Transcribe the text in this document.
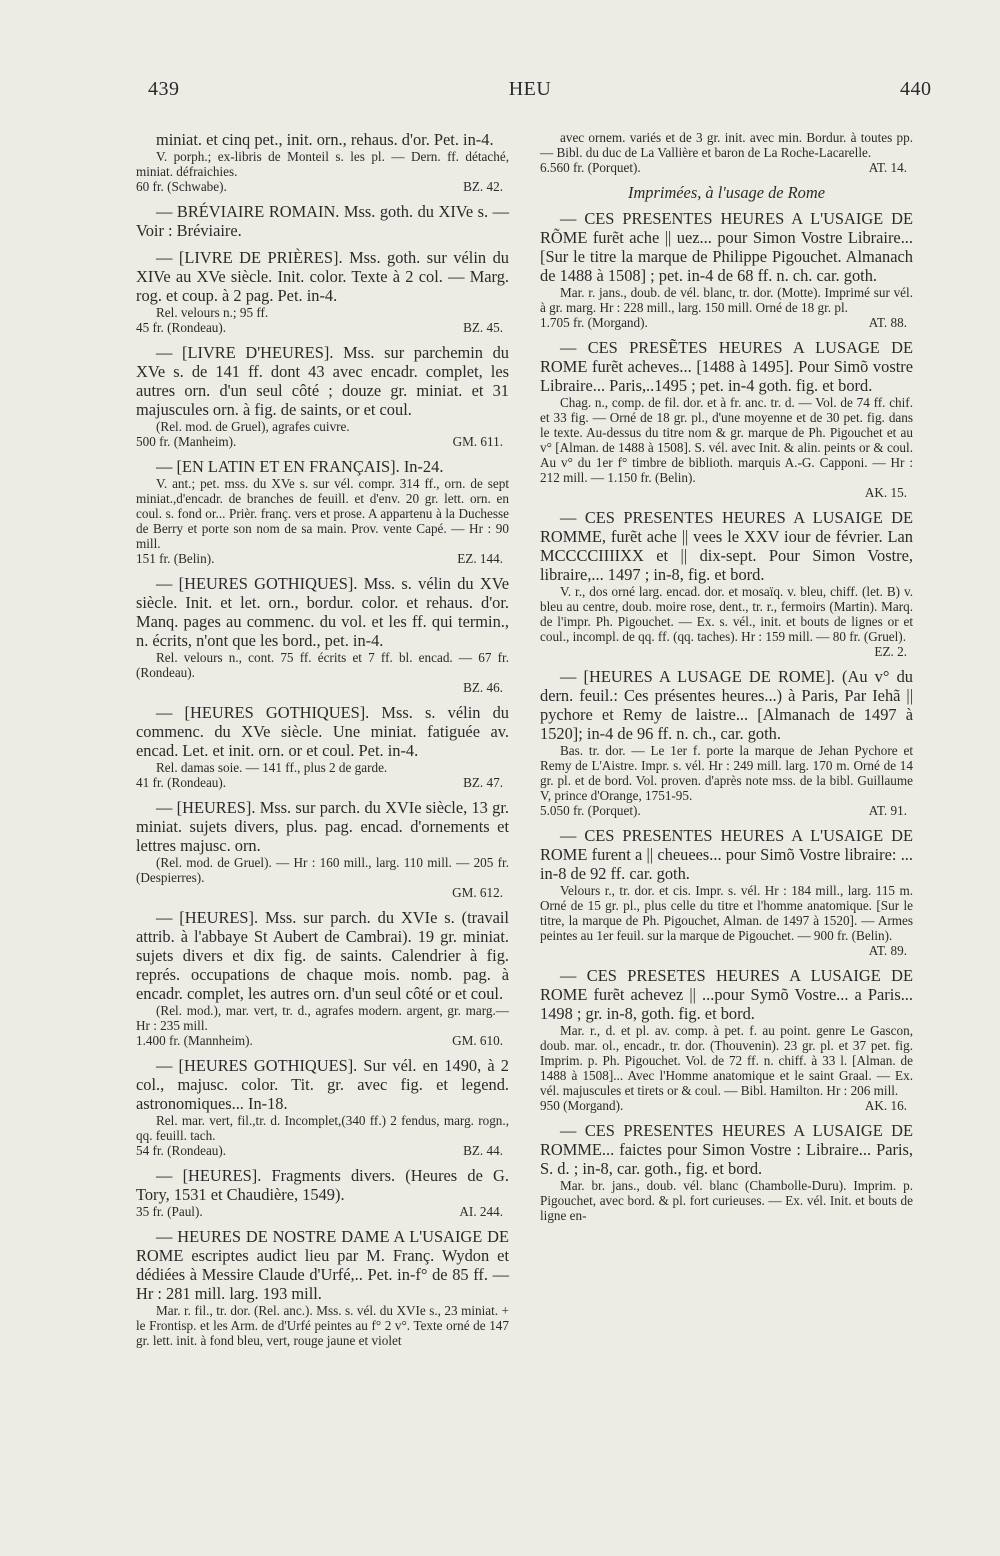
439	HEU	440
miniat. et cinq pet., init. orn., rehaus. d'or. Pet. in-4.
V. porph.; ex-libris de Monteil s. les pl. — Dern. ff. détaché, miniat. défraichies.
60 fr. (Schwabe).	BZ. 42.
— BRÉVIAIRE ROMAIN. Mss. goth. du XIVe s. — Voir : Bréviaire.
— [LIVRE DE PRIÈRES]. Mss. goth. sur vélin du XIVe au XVe siècle. Init. color. Texte à 2 col. — Marg. rog. et coup. à 2 pag. Pet. in-4.
Rel. velours n.; 95 ff.
45 fr. (Rondeau).	BZ. 45.
— [LIVRE D'HEURES]. Mss. sur parchemin du XVe s. de 141 ff. dont 43 avec encadr. complet, les autres orn. d'un seul côté ; douze gr. miniat. et 31 majuscules orn. à fig. de saints, or et coul.
(Rel. mod. de Gruel), agrafes cuivre.
500 fr. (Manheim).	GM. 611.
— [EN LATIN ET EN FRANÇAIS]. In-24.
V. ant.; pet. mss. du XVe s. sur vél. compr. 314 ff., orn. de sept miniat.,d'encadr. de branches de feuill. et d'env. 20 gr. lett. orn. en coul. s. fond or... Prièr. franç. vers et prose. A appartenu à la Duchesse de Berry et porte son nom de sa main. Prov. vente Capé. — Hr : 90 mill.
151 fr. (Belin).	EZ. 144.
— [HEURES GOTHIQUES]. Mss. s. vélin du XVe siècle. Init. et let. orn., bordur. color. et rehaus. d'or. Manq. pages au commenc. du vol. et les ff. qui termin., n. écrits, n'ont que les bord., pet. in-4.
Rel. velours n., cont. 75 ff. écrits et 7 ff. bl. encad. — 67 fr. (Rondeau).
BZ. 46.
— [HEURES GOTHIQUES]. Mss. s. vélin du commenc. du XVe siècle. Une miniat. fatiguée av. encad. Let. et init. orn. or et coul. Pet. in-4.
Rel. damas soie. — 141 ff., plus 2 de garde.
41 fr. (Rondeau).	BZ. 47.
— [HEURES]. Mss. sur parch. du XVIe siècle, 13 gr. miniat. sujets divers, plus. pag. encad. d'ornements et lettres majusc. orn.
(Rel. mod. de Gruel). — Hr : 160 mill., larg. 110 mill. — 205 fr. (Despierres).
GM. 612.
— [HEURES]. Mss. sur parch. du XVIe s. (travail attrib. à l'abbaye St Aubert de Cambrai). 19 gr. miniat. sujets divers et dix fig. de saints. Calendrier à fig. représ. occupations de chaque mois. nomb. pag. à encadr. complet, les autres orn. d'un seul côté or et coul.
(Rel. mod.), mar. vert, tr. d., agrafes modern. argent, gr. marg.— Hr : 235 mill.
1.400 fr. (Mannheim).	GM. 610.
— [HEURES GOTHIQUES]. Sur vél. en 1490, à 2 col., majusc. color. Tit. gr. avec fig. et legend. astronomiques... In-18.
Rel. mar. vert, fil.,tr. d. Incomplet,(340 ff.) 2 fendus, marg. rogn., qq. feuill. tach.
54 fr. (Rondeau).	BZ. 44.
— [HEURES]. Fragments divers. (Heures de G. Tory, 1531 et Chaudière, 1549).
35 fr. (Paul).	AI. 244.
— HEURES DE NOSTRE DAME A L'USAIGE DE ROME escriptes audict lieu par M. Franç. Wydon et dédiées à Messire Claude d'Urfé,.. Pet. in-f° de 85 ff. — Hr : 281 mill. larg. 193 mill.
Mar. r. fil., tr. dor. (Rel. anc.). Mss. s. vél. du XVIe s., 23 miniat. + le Frontisp. et les Arm. de d'Urfé peintes au f° 2 v°. Texte orné de 147 gr. lett. init. à fond bleu, vert, rouge jaune et violet
avec ornem. variés et de 3 gr. init. avec min. Bordur. à toutes pp. — Bibl. du duc de La Vallière et baron de La Roche-Lacarelle.
6.560 fr. (Porquet).	AT. 14.
Imprimées, à l'usage de Rome
— CES PRESENTES HEURES A L'USAIGE DE RÕME furẽt ache || uez... pour Simon Vostre Libraire... [Sur le titre la marque de Philippe Pigouchet. Almanach de 1488 à 1508] ; pet. in-4 de 68 ff. n. ch. car. goth.
Mar. r. jans., doub. de vél. blanc, tr. dor. (Motte). Imprimé sur vél. à gr. marg. Hr : 228 mill., larg. 150 mill. Orné de 18 gr. pl.
1.705 fr. (Morgand).	AT. 88.
— CES PRESẼTES HEURES A LUSAGE DE ROME furẽt acheves... [1488 à 1495]. Pour Simõ vostre Libraire... Paris,..1495 ; pet. in-4 goth. fig. et bord.
Chag. n., comp. de fil. dor. et à fr. anc. tr. d. — Vol. de 74 ff. chif. et 33 fig. — Orné de 18 gr. pl., d'une moyenne et de 30 pet. fig. dans le texte. Au-dessus du titre nom & gr. marque de Ph. Pigouchet et au v° [Alman. de 1488 à 1508]. S. vél. avec Init. & alin. peints or & coul. Au v° du 1er f° timbre de biblioth. marquis A.-G. Capponi. — Hr : 212 mill. — 1.150 fr. (Belin).
AK. 15.
— CES PRESENTES HEURES A LUSAIGE DE ROMME, furẽt ache || vees le XXV iour de février. Lan MCCCCIIIIXX et || dix-sept. Pour Simon Vostre, libraire,... 1497 ; in-8, fig. et bord.
V. r., dos orné larg. encad. dor. et mosaïq. v. bleu, chiff. (let. B) v. bleu au centre, doub. moire rose, dent., tr. r., fermoirs (Martin). Marq. de l'impr. Ph. Pigouchet. — Ex. s. vél., init. et bouts de lignes or et coul., incompl. de qq. ff. (qq. taches). Hr : 159 mill. — 80 fr. (Gruel).
EZ. 2.
— [HEURES A LUSAGE DE ROME]. (Au v° du dern. feuil.: Ces présentes heures...) à Paris, Par Iehã || pychore et Remy de laistre... [Almanach de 1497 à 1520]; in-4 de 96 ff. n. ch., car. goth.
Bas. tr. dor. — Le 1er f. porte la marque de Jehan Pychore et Remy de L'Aistre. Impr. s. vél. Hr : 249 mill. larg. 170 m. Orné de 14 gr. pl. et de bord. Vol. proven. d'après note mss. de la bibl. Guillaume V, prince d'Orange, 1751-95.
5.050 fr. (Porquet).	AT. 91.
— CES PRESENTES HEURES A L'USAIGE DE ROME furent a || cheuees... pour Simõ Vostre libraire: ... in-8 de 92 ff. car. goth.
Velours r., tr. dor. et cis. Impr. s. vél. Hr : 184 mill., larg. 115 m. Orné de 15 gr. pl., plus celle du titre et l'homme anatomique. [Sur le titre, la marque de Ph. Pigouchet, Alman. de 1497 à 1520]. — Armes peintes au 1er feuil. sur la marque de Pigouchet. — 900 fr. (Belin).
AT. 89.
— CES PRESETES HEURES A LUSAIGE DE ROME furẽt achevez || ...pour Symõ Vostre... a Paris... 1498 ; gr. in-8, goth. fig. et bord.
Mar. r., d. et pl. av. comp. à pet. f. au point. genre Le Gascon, doub. mar. ol., encadr., tr. dor. (Thouvenin). 23 gr. pl. et 37 pet. fig. Imprim. p. Ph. Pigouchet. Vol. de 72 ff. n. chiff. à 33 l. [Alman. de 1488 à 1508]... Avec l'Homme anatomique et le saint Graal. — Ex. vél. majuscules et tirets or & coul. — Bibl. Hamilton. Hr : 206 mill.
950 (Morgand).	AK. 16.
— CES PRESENTES HEURES A LUSAIGE DE ROMME... faictes pour Simon Vostre : Libraire... Paris, S. d. ; in-8, car. goth., fig. et bord.
Mar. br. jans., doub. vél. blanc (Chambolle-Duru). Imprim. p. Pigouchet, avec bord. & pl. fort curieuses. — Ex. vél. Init. et bouts de ligne en-
